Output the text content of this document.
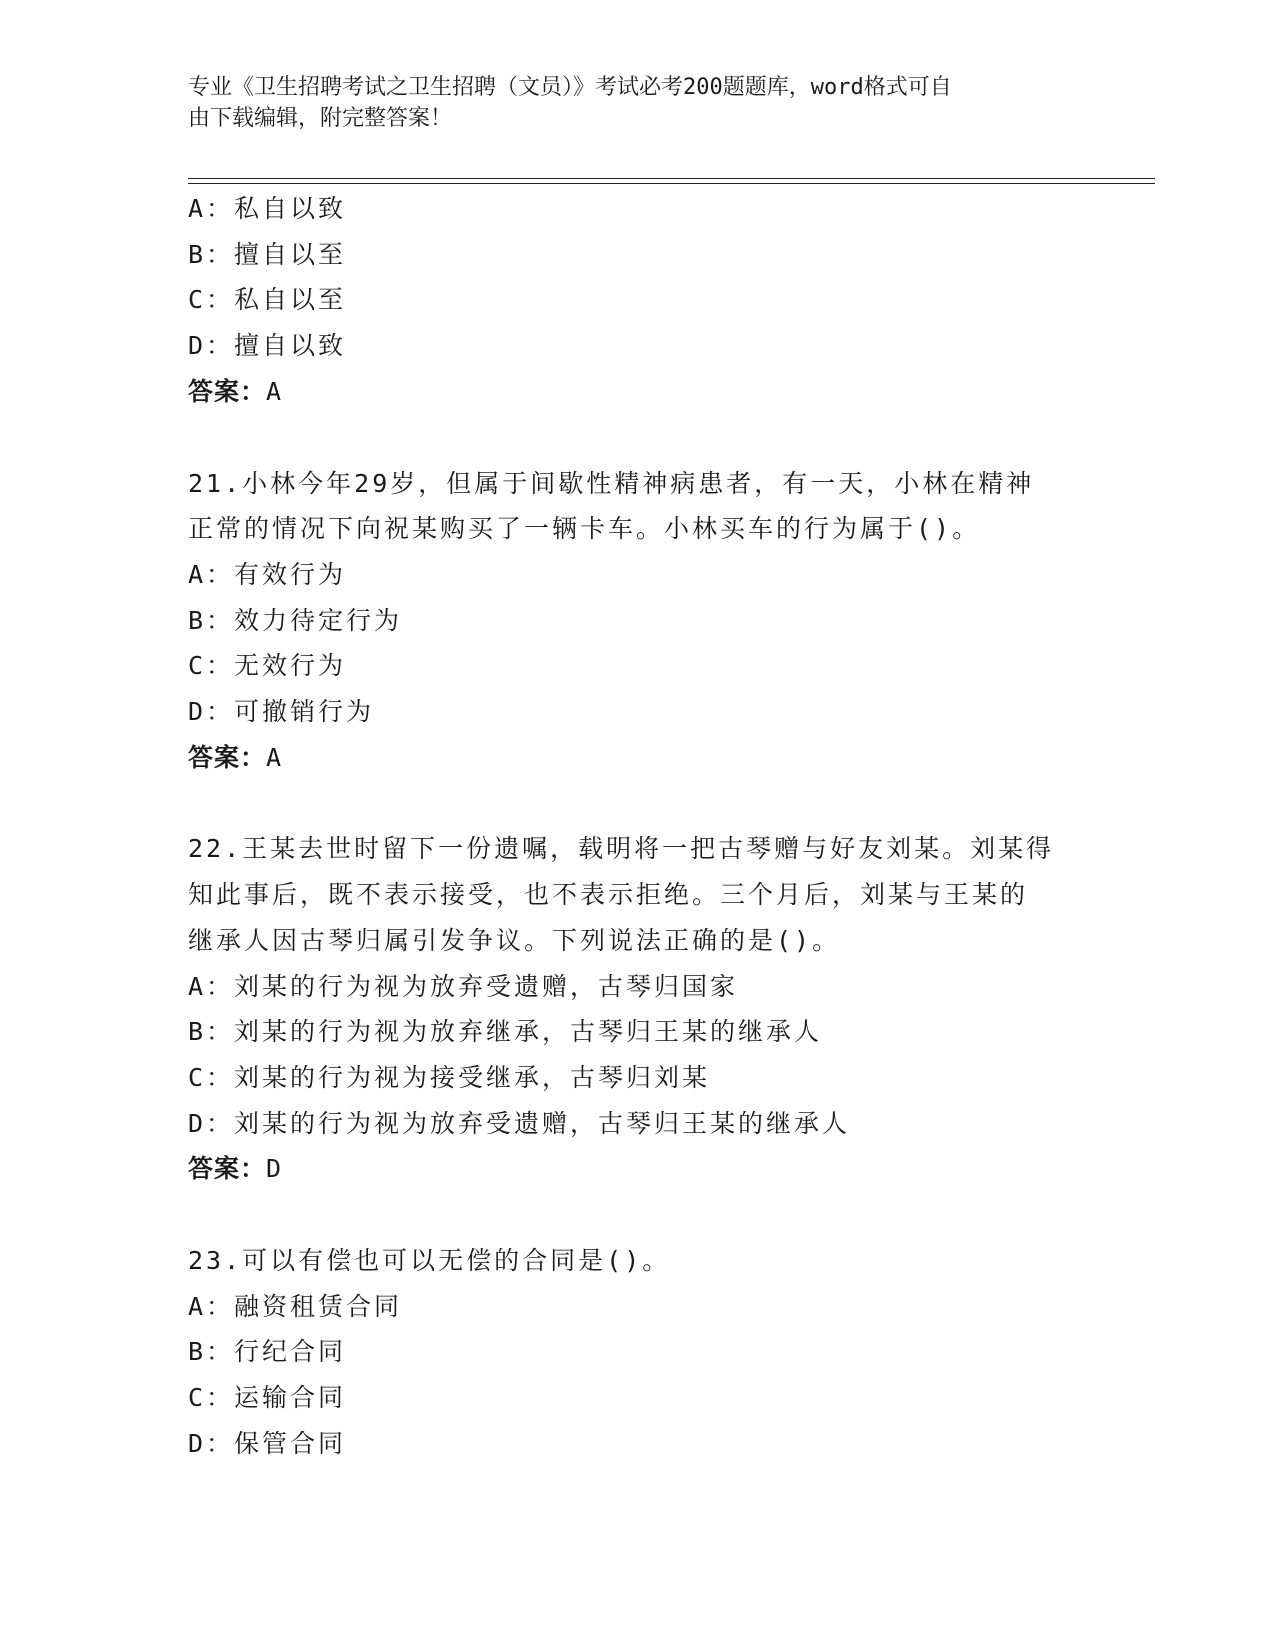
专业《卫生招聘考试之卫生招聘（文员）》考试必考200题题库，word格式可自
由下载编辑，附完整答案！
A：私自以致
B：擅自以至
C：私自以至
D：擅自以致
答案：A
21.小林今年29岁，但属于间歇性精神病患者，有一天，小林在精神
正常的情况下向祝某购买了一辆卡车。小林买车的行为属于()。
A：有效行为
B：效力待定行为
C：无效行为
D：可撤销行为
答案：A
22.王某去世时留下一份遗嘱，载明将一把古琴赠与好友刘某。刘某得
知此事后，既不表示接受，也不表示拒绝。三个月后，刘某与王某的
继承人因古琴归属引发争议。下列说法正确的是()。
A：刘某的行为视为放弃受遗赠，古琴归国家
B：刘某的行为视为放弃继承，古琴归王某的继承人
C：刘某的行为视为接受继承，古琴归刘某
D：刘某的行为视为放弃受遗赠，古琴归王某的继承人
答案：D
23.可以有偿也可以无偿的合同是()。
A：融资租赁合同
B：行纪合同
C：运输合同
D：保管合同
